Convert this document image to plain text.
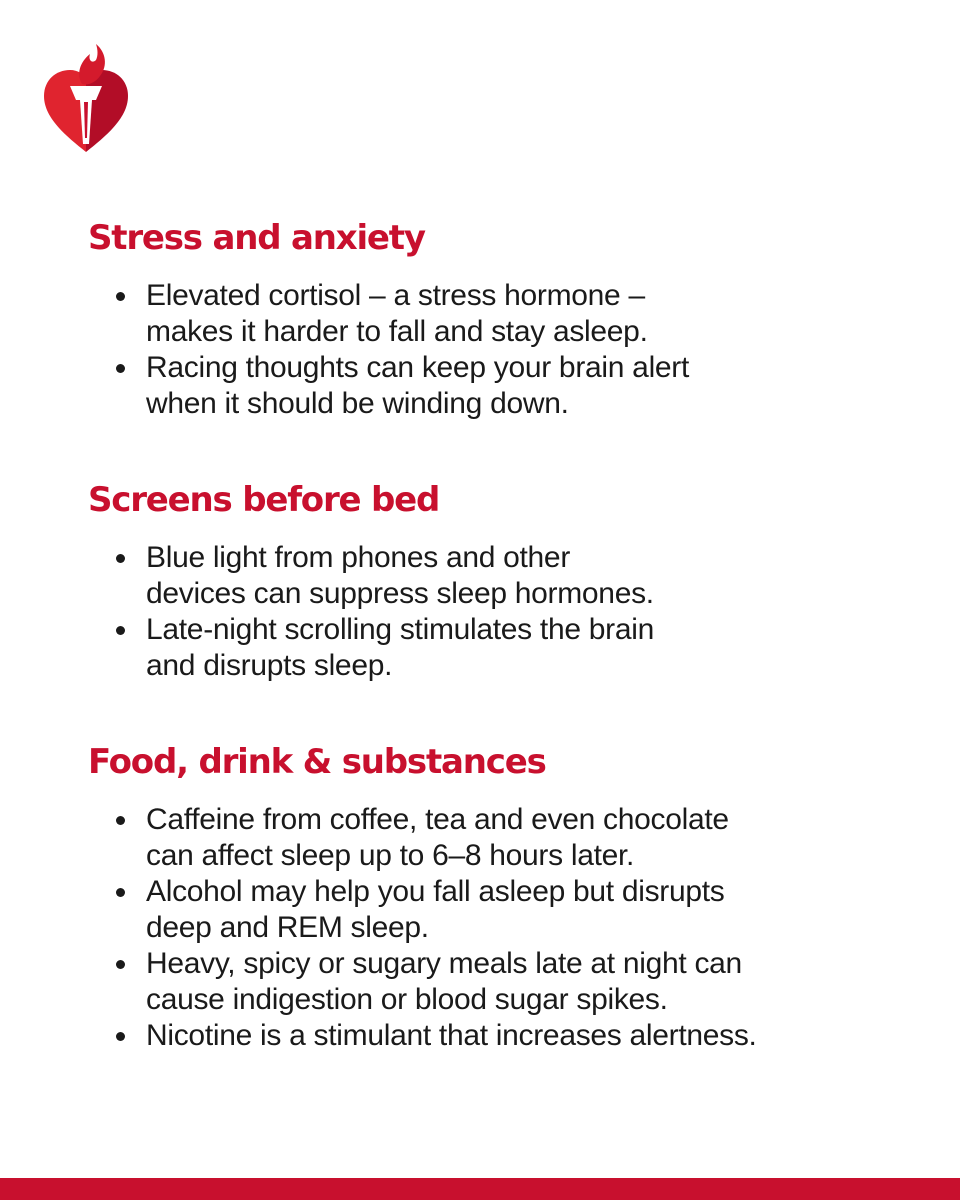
Stress and anxiety
Elevated cortisol – a stress hormone –
makes it harder to fall and stay asleep.
Racing thoughts can keep your brain alert
when it should be winding down.
Screens before bed
Blue light from phones and other
devices can suppress sleep hormones.
Late-night scrolling stimulates the brain
and disrupts sleep.
Food, drink & substances
Caffeine from coffee, tea and even chocolate
can affect sleep up to 6–8 hours later.
Alcohol may help you fall asleep but disrupts
deep and REM sleep.
Heavy, spicy or sugary meals late at night can
cause indigestion or blood sugar spikes.
Nicotine is a stimulant that increases alertness.
